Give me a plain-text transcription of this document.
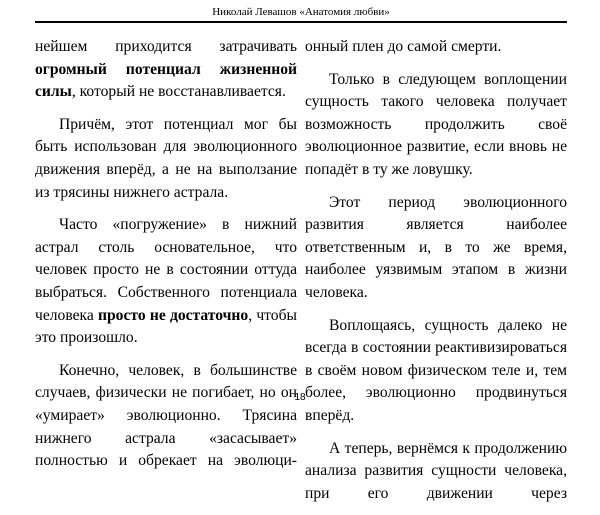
Николай Левашов «Анатомия любви»

нейшем приходится затрачивать огромный потенциал жизненной силы, который не восстанавливается.

Причём, этот потенциал мог бы быть использован для эволюционного движения вперёд, а не на выползание из трясины нижнего астрала.

Часто «погружение» в нижний астрал столь основательное, что человек просто не в состоянии оттуда выбраться. Собственного потенциала человека просто не достаточно, чтобы это произошло.

Конечно, человек, в большинстве случаев, физически не погибает, но он «умирает» эволюционно. Трясина нижнего астрала «засасывает» полностью и обрекает на эволюци-

онный плен до самой смерти.

Только в следующем воплощении сущность такого человека получает возможность продолжить своё эволюционное развитие, если вновь не попадёт в ту же ловушку.

Этот период эволюционного развития является наиболее ответственным и, в то же время, наиболее уязвимым этапом в жизни человека.

Воплощаясь, сущность далеко не всегда в состоянии реактивизироваться в своём новом физическом теле и, тем более, эволюционно продвинуться вперёд.

А теперь, вернёмся к продолжению анализа развития сущности человека, при его движении через

18
